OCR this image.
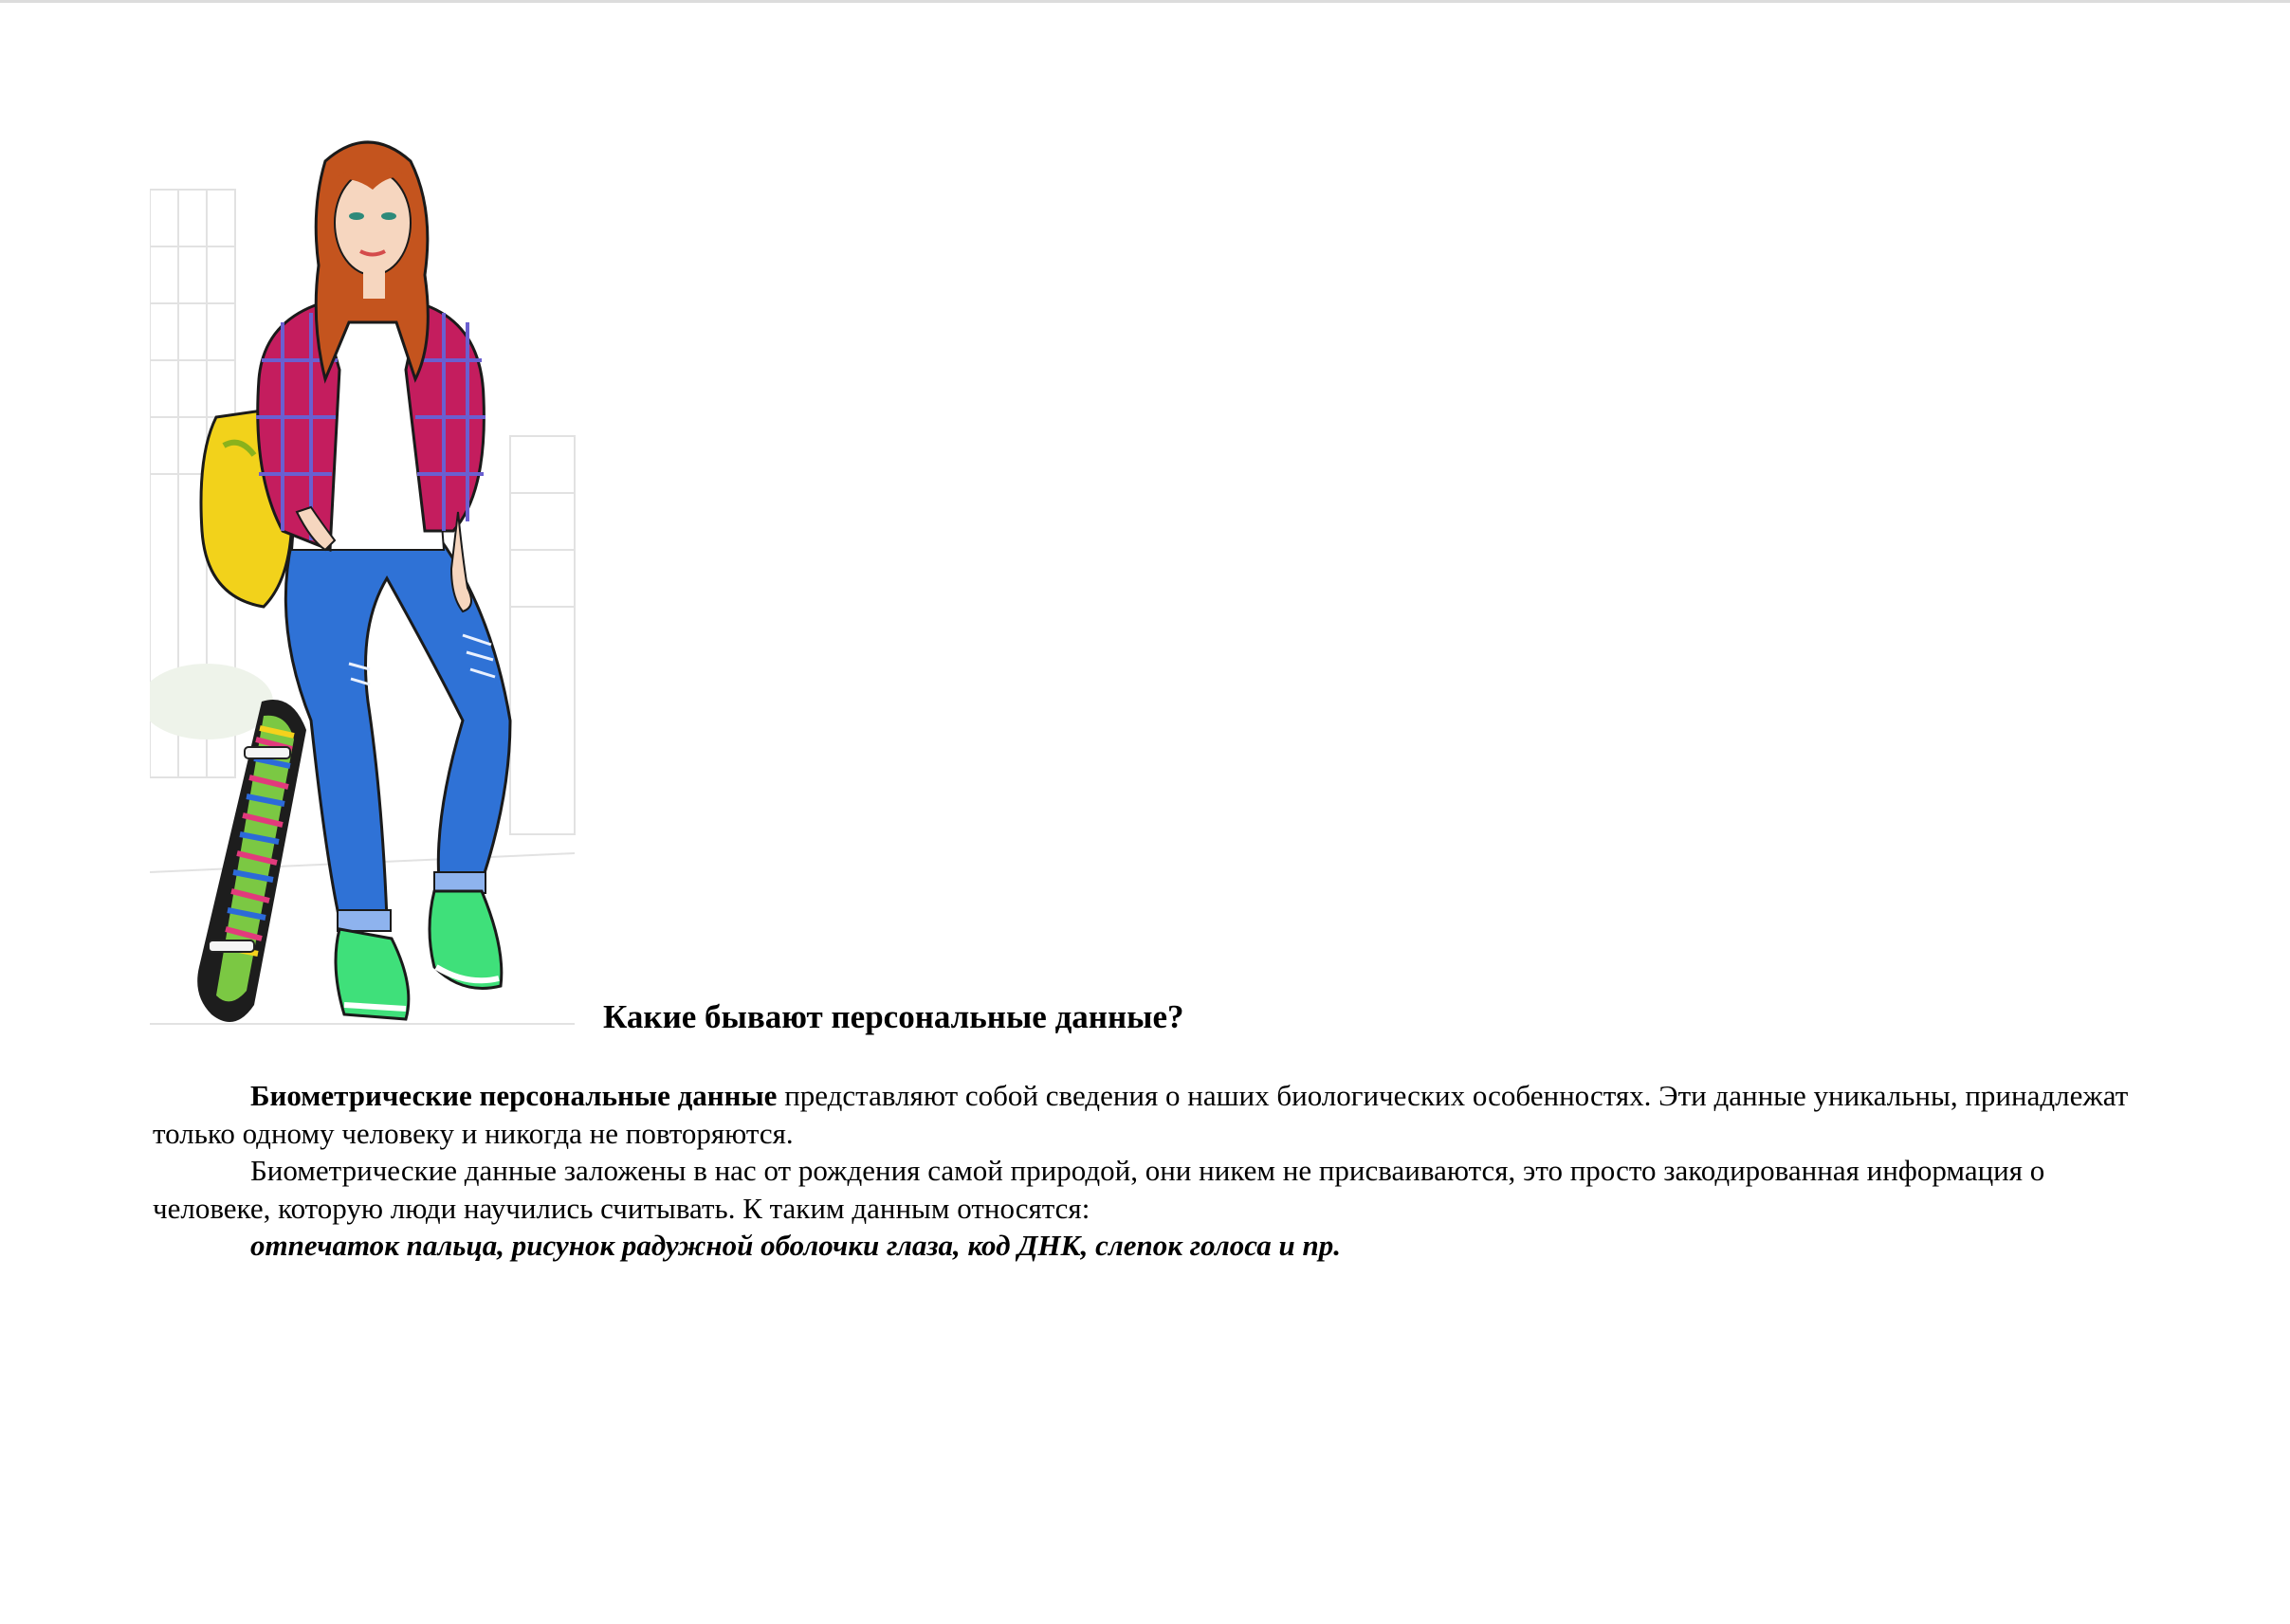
Какие бывают персональные данные?

Биометрические персональные данные представляют собой сведения о наших биологических особенностях. Эти данные уникальны, принадлежат только одному человеку и никогда не повторяются.

Биометрические данные заложены в нас от рождения самой природой, они никем не присваиваются, это просто закодированная информация о человеке, которую люди научились считывать. К таким данным относятся:

отпечаток пальца, рисунок радужной оболочки глаза, код ДНК, слепок голоса и пр.
